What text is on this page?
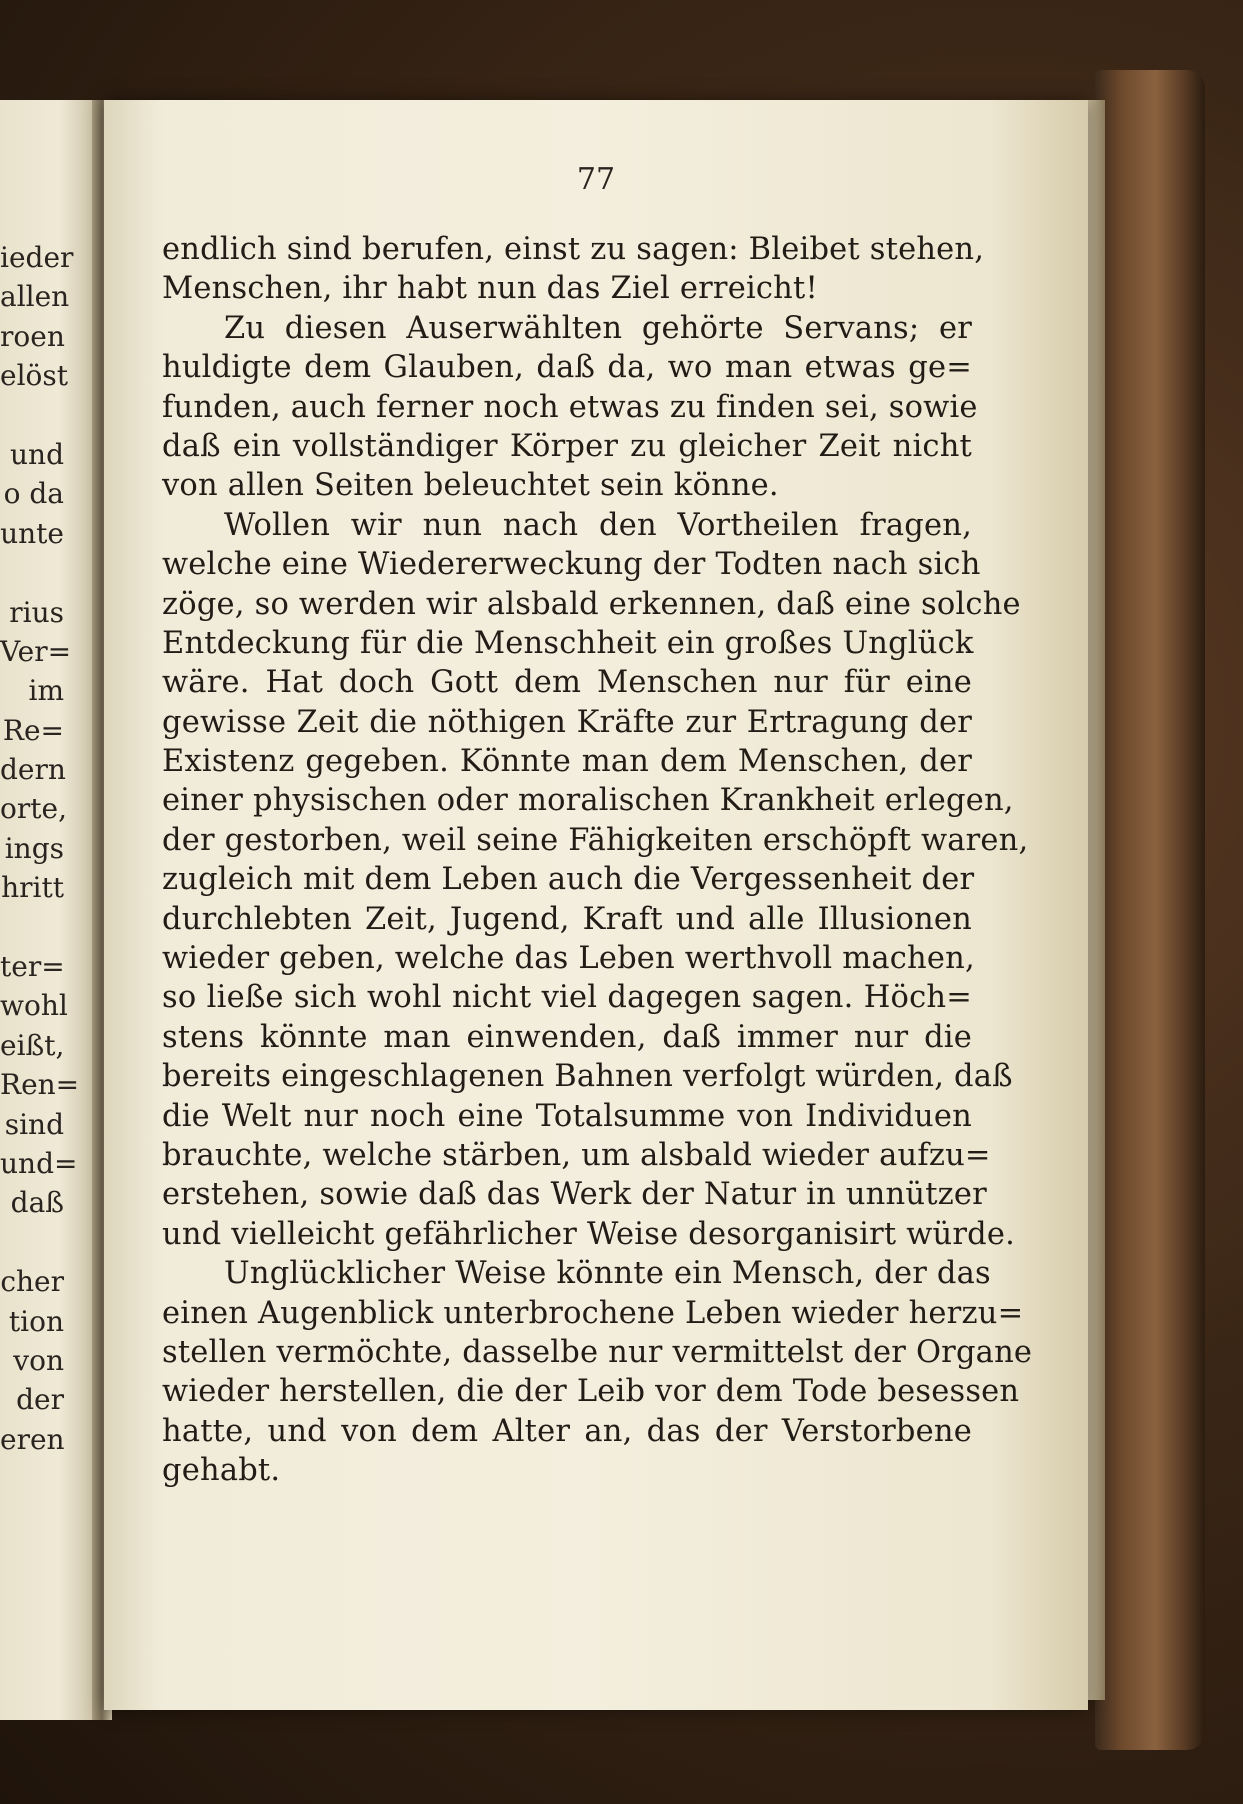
ieder
allen
roen
elöst
und
o da
unte
rius
Ver=
im
Re=
dern
orte,
ings
hritt
ter=
wohl
eißt,
Ren=
sind
und=
daß
cher
tion
von
der
eren
77
endlich sind berufen, einst zu sagen: Bleibet stehen,
Menschen, ihr habt nun das Ziel erreicht!
Zu diesen Auserwählten gehörte Servans; er
huldigte dem Glauben, daß da, wo man etwas ge=
funden, auch ferner noch etwas zu finden sei, sowie
daß ein vollständiger Körper zu gleicher Zeit nicht
von allen Seiten beleuchtet sein könne.
Wollen wir nun nach den Vortheilen fragen,
welche eine Wiedererweckung der Todten nach sich
zöge, so werden wir alsbald erkennen, daß eine solche
Entdeckung für die Menschheit ein großes Unglück
wäre. Hat doch Gott dem Menschen nur für eine
gewisse Zeit die nöthigen Kräfte zur Ertragung der
Existenz gegeben. Könnte man dem Menschen, der
einer physischen oder moralischen Krankheit erlegen,
der gestorben, weil seine Fähigkeiten erschöpft waren,
zugleich mit dem Leben auch die Vergessenheit der
durchlebten Zeit, Jugend, Kraft und alle Illusionen
wieder geben, welche das Leben werthvoll machen,
so ließe sich wohl nicht viel dagegen sagen. Höch=
stens könnte man einwenden, daß immer nur die
bereits eingeschlagenen Bahnen verfolgt würden, daß
die Welt nur noch eine Totalsumme von Individuen
brauchte, welche stärben, um alsbald wieder aufzu=
erstehen, sowie daß das Werk der Natur in unnützer
und vielleicht gefährlicher Weise desorganisirt würde.
Unglücklicher Weise könnte ein Mensch, der das
einen Augenblick unterbrochene Leben wieder herzu=
stellen vermöchte, dasselbe nur vermittelst der Organe
wieder herstellen, die der Leib vor dem Tode besessen
hatte, und von dem Alter an, das der Verstorbene
gehabt.
